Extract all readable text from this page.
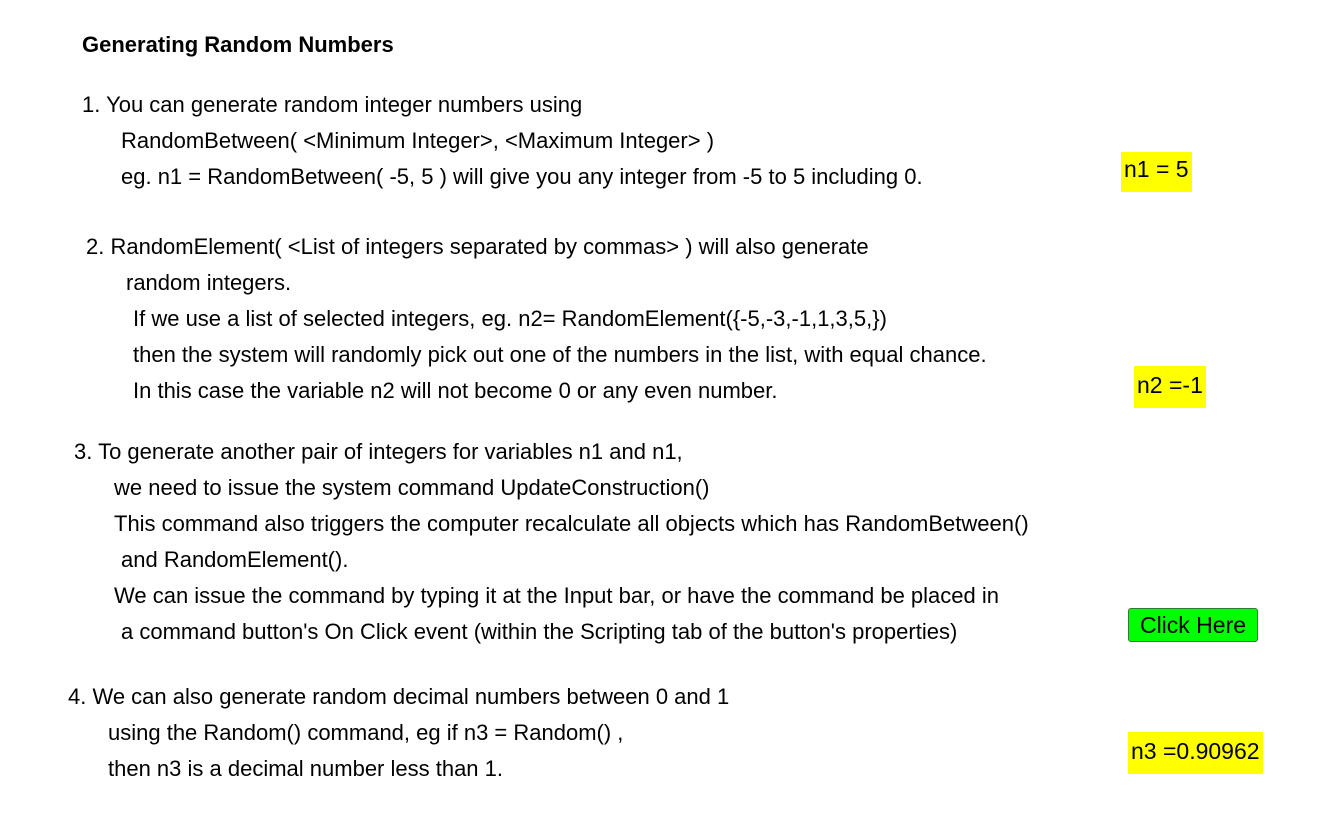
Generating Random Numbers
1. You can generate random integer numbers using
RandomBetween( <Minimum Integer>, <Maximum Integer> )
eg. n1 = RandomBetween( -5, 5 ) will give you any integer from -5 to 5 including 0.
2. RandomElement( <List of integers separated by commas> ) will also generate
random integers.
If we use a list of selected integers, eg. n2= RandomElement({-5,-3,-1,1,3,5,})
then the system will randomly pick out one of the numbers in the list, with equal chance.
In this case the variable n2 will not become 0 or any even number.
3. To generate another pair of integers for variables n1 and n1,
we need to issue the system command UpdateConstruction()
This command also triggers the computer recalculate all objects which has RandomBetween()
and RandomElement().
We can issue the command by typing it at the Input bar, or have the command be placed in
a command button's On Click event (within the Scripting tab of the button's properties)
4. We can also generate random decimal numbers between 0 and 1
using the Random() command, eg if n3 = Random() ,
then n3 is a decimal number less than 1.
n1 = 5
n2 =-1
n3 =0.90962
Click Here
